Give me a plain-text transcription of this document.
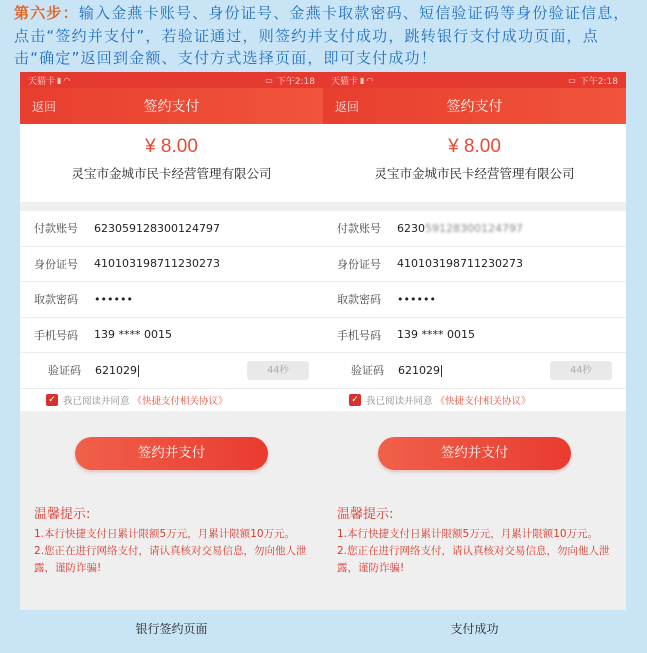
第六步：输入金燕卡账号、身份证号、金燕卡取款密码、短信验证码等身份验证信息，点击“签约并支付”，若验证通过，则签约并支付成功，跳转银行支付成功页面，点击“确定”返回到金额、支付方式选择页面，即可支付成功！
天猫卡 ▮ ◠	▭ 下午2:18
返回	签约支付
¥ 8.00
灵宝市金城市民卡经营管理有限公司
付款账号	6230591283001247​97
身份证号	410103198711230273
取款密码	••••••
手机号码	139 **** 0015
验证码	621029	44秒
✓ 我已阅读并同意 《快捷支付相关协议》
签约并支付
温馨提示:

1.本行快捷支付日累计限额5万元，月累计限额10万元。

2.您正在进行网络支付，请认真核对交易信息，勿向他人泄露，谨防诈骗!

天猫卡 ▮ ◠	▭ 下午2:18
返回	签约支付
¥ 8.00
灵宝市金城市民卡经营管理有限公司
付款账号	6230591283001247​97
身份证号	410103198711230273
取款密码	••••••
手机号码	139 **** 0015
验证码	621029	44秒
✓ 我已阅读并同意 《快捷支付相关协议》
签约并支付
温馨提示:

1.本行快捷支付日累计限额5万元，月累计限额10万元。

2.您正在进行网络支付，请认真核对交易信息，勿向他人泄露，谨防诈骗!

银行签约页面	支付成功
